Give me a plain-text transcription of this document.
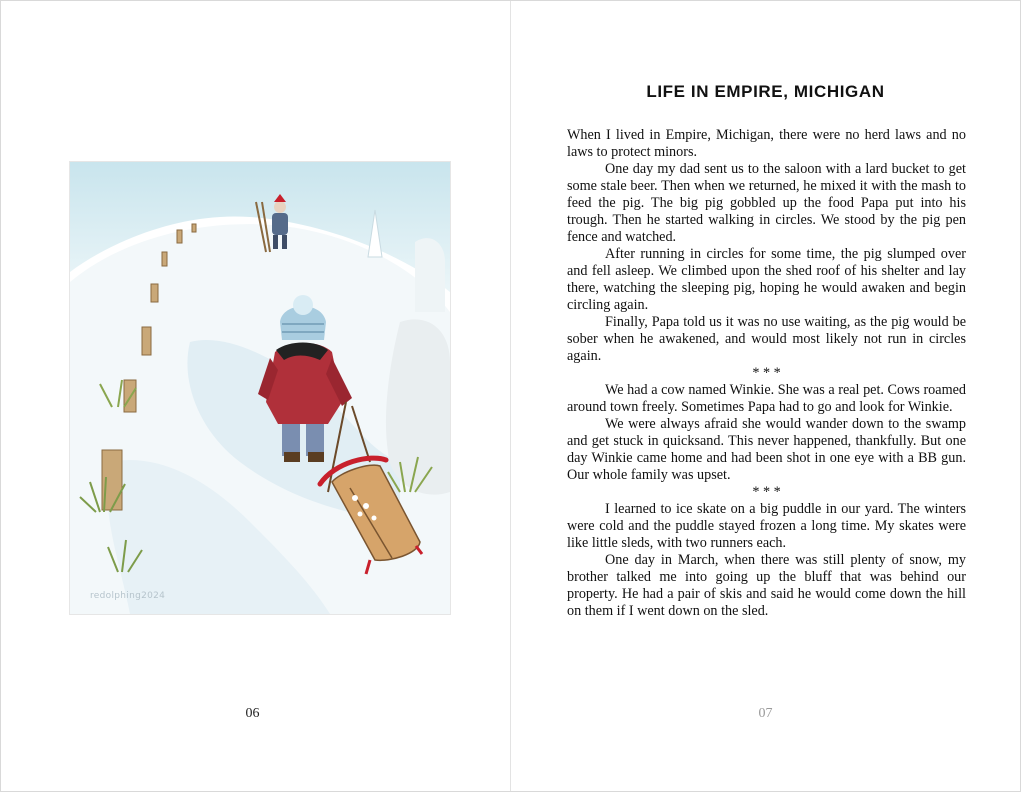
redolphing2024
06
LIFE IN EMPIRE, MICHIGAN

When I lived in Empire, Michigan, there were no herd laws and no laws to protect minors.

One day my dad sent us to the saloon with a lard bucket to get some stale beer. Then when we returned, he mixed it with the mash to feed the pig. The big pig gobbled up the food Papa put into his trough. Then he started walking in circles. We stood by the pig pen fence and watched.

After running in circles for some time, the pig slumped over and fell asleep. We climbed upon the shed roof of his shelter and lay there, watching the sleeping pig, hoping he would awaken and begin circling again.

Finally, Papa told us it was no use waiting, as the pig would be sober when he awakened, and would most likely not run in circles again.

* * *

We had a cow named Winkie. She was a real pet. Cows roamed around town freely. Sometimes Papa had to go and look for Winkie.

We were always afraid she would wander down to the swamp and get stuck in quicksand. This never happened, thankfully. But one day Winkie came home and had been shot in one eye with a BB gun. Our whole family was upset.

* * *

I learned to ice skate on a big puddle in our yard. The winters were cold and the puddle stayed frozen a long time. My skates were like little sleds, with two runners each.

One day in March, when there was still plenty of snow, my brother talked me into going up the bluff that was behind our property. He had a pair of skis and said he would come down the hill on them if I went down on the sled.

07
